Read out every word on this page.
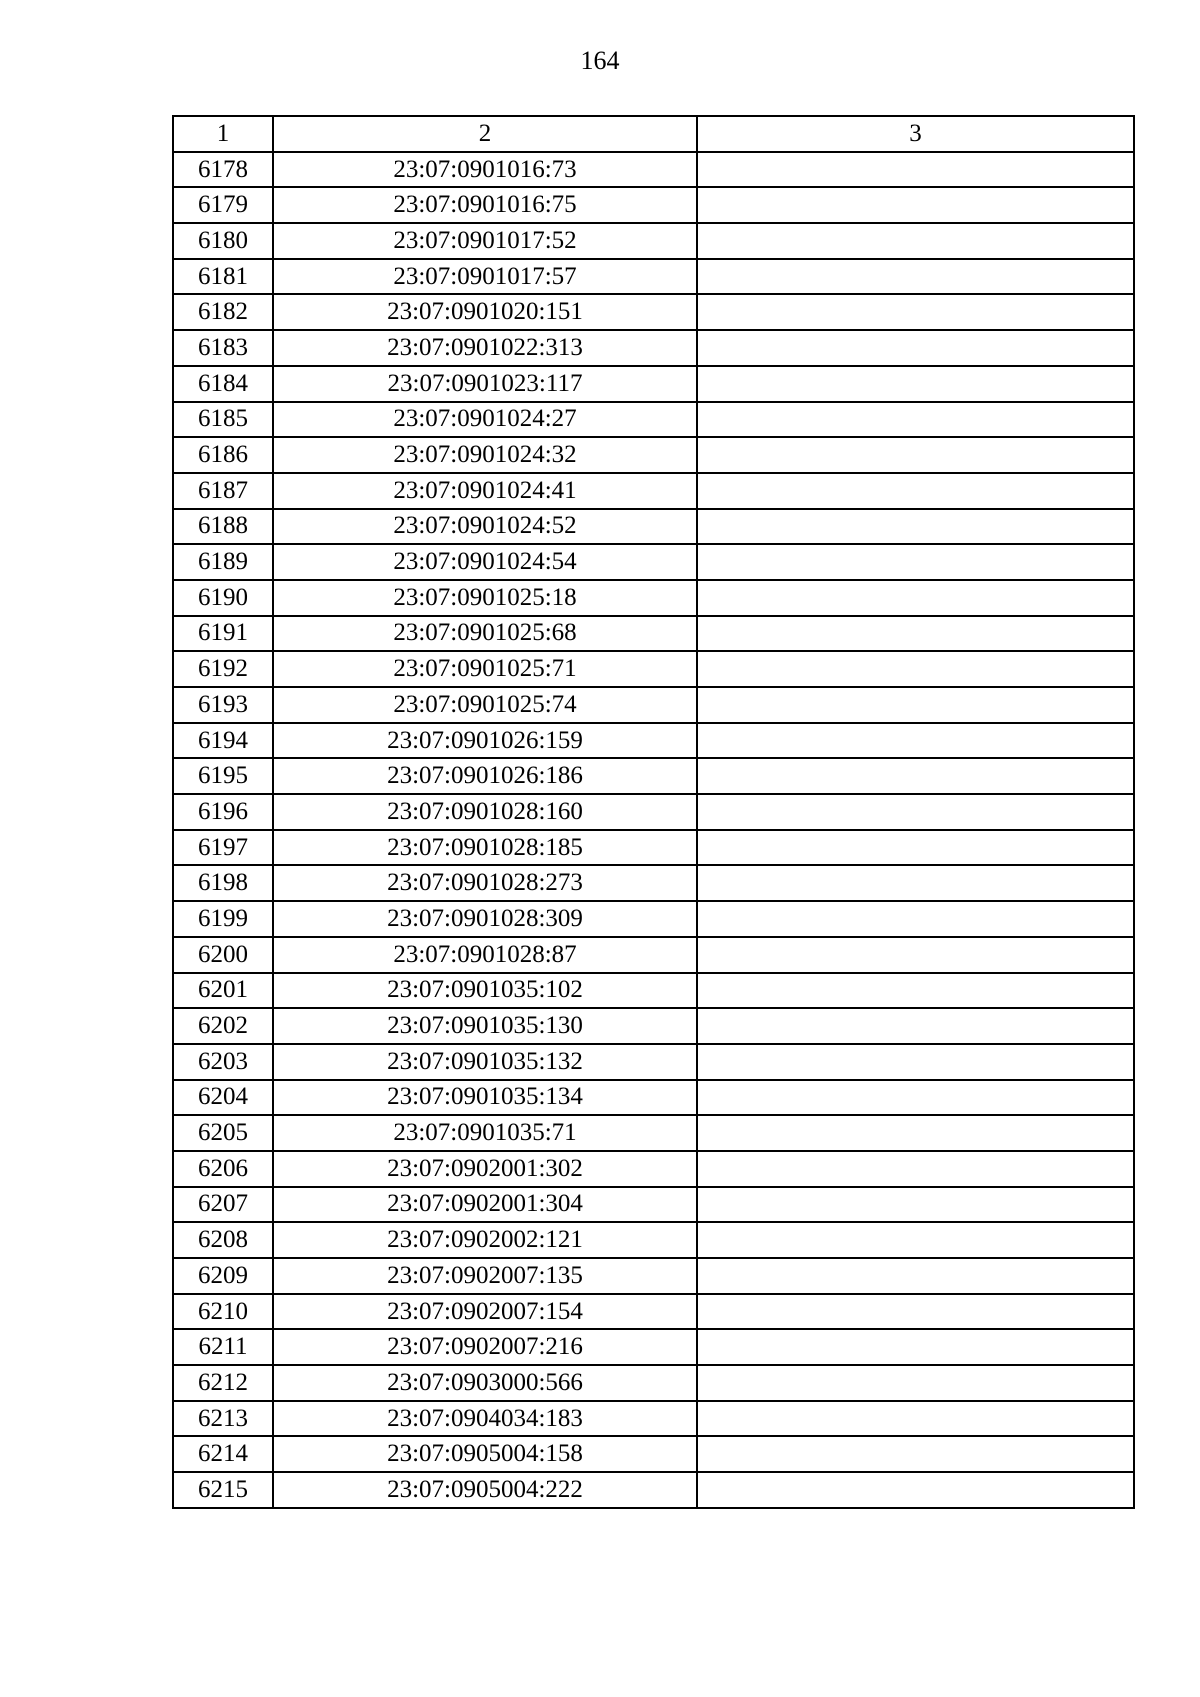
164
1	2	3
6178	23:07:0901016:73	
6179	23:07:0901016:75	
6180	23:07:0901017:52	
6181	23:07:0901017:57	
6182	23:07:0901020:151	
6183	23:07:0901022:313	
6184	23:07:0901023:117	
6185	23:07:0901024:27	
6186	23:07:0901024:32	
6187	23:07:0901024:41	
6188	23:07:0901024:52	
6189	23:07:0901024:54	
6190	23:07:0901025:18	
6191	23:07:0901025:68	
6192	23:07:0901025:71	
6193	23:07:0901025:74	
6194	23:07:0901026:159	
6195	23:07:0901026:186	
6196	23:07:0901028:160	
6197	23:07:0901028:185	
6198	23:07:0901028:273	
6199	23:07:0901028:309	
6200	23:07:0901028:87	
6201	23:07:0901035:102	
6202	23:07:0901035:130	
6203	23:07:0901035:132	
6204	23:07:0901035:134	
6205	23:07:0901035:71	
6206	23:07:0902001:302	
6207	23:07:0902001:304	
6208	23:07:0902002:121	
6209	23:07:0902007:135	
6210	23:07:0902007:154	
6211	23:07:0902007:216	
6212	23:07:0903000:566	
6213	23:07:0904034:183	
6214	23:07:0905004:158	
6215	23:07:0905004:222	
